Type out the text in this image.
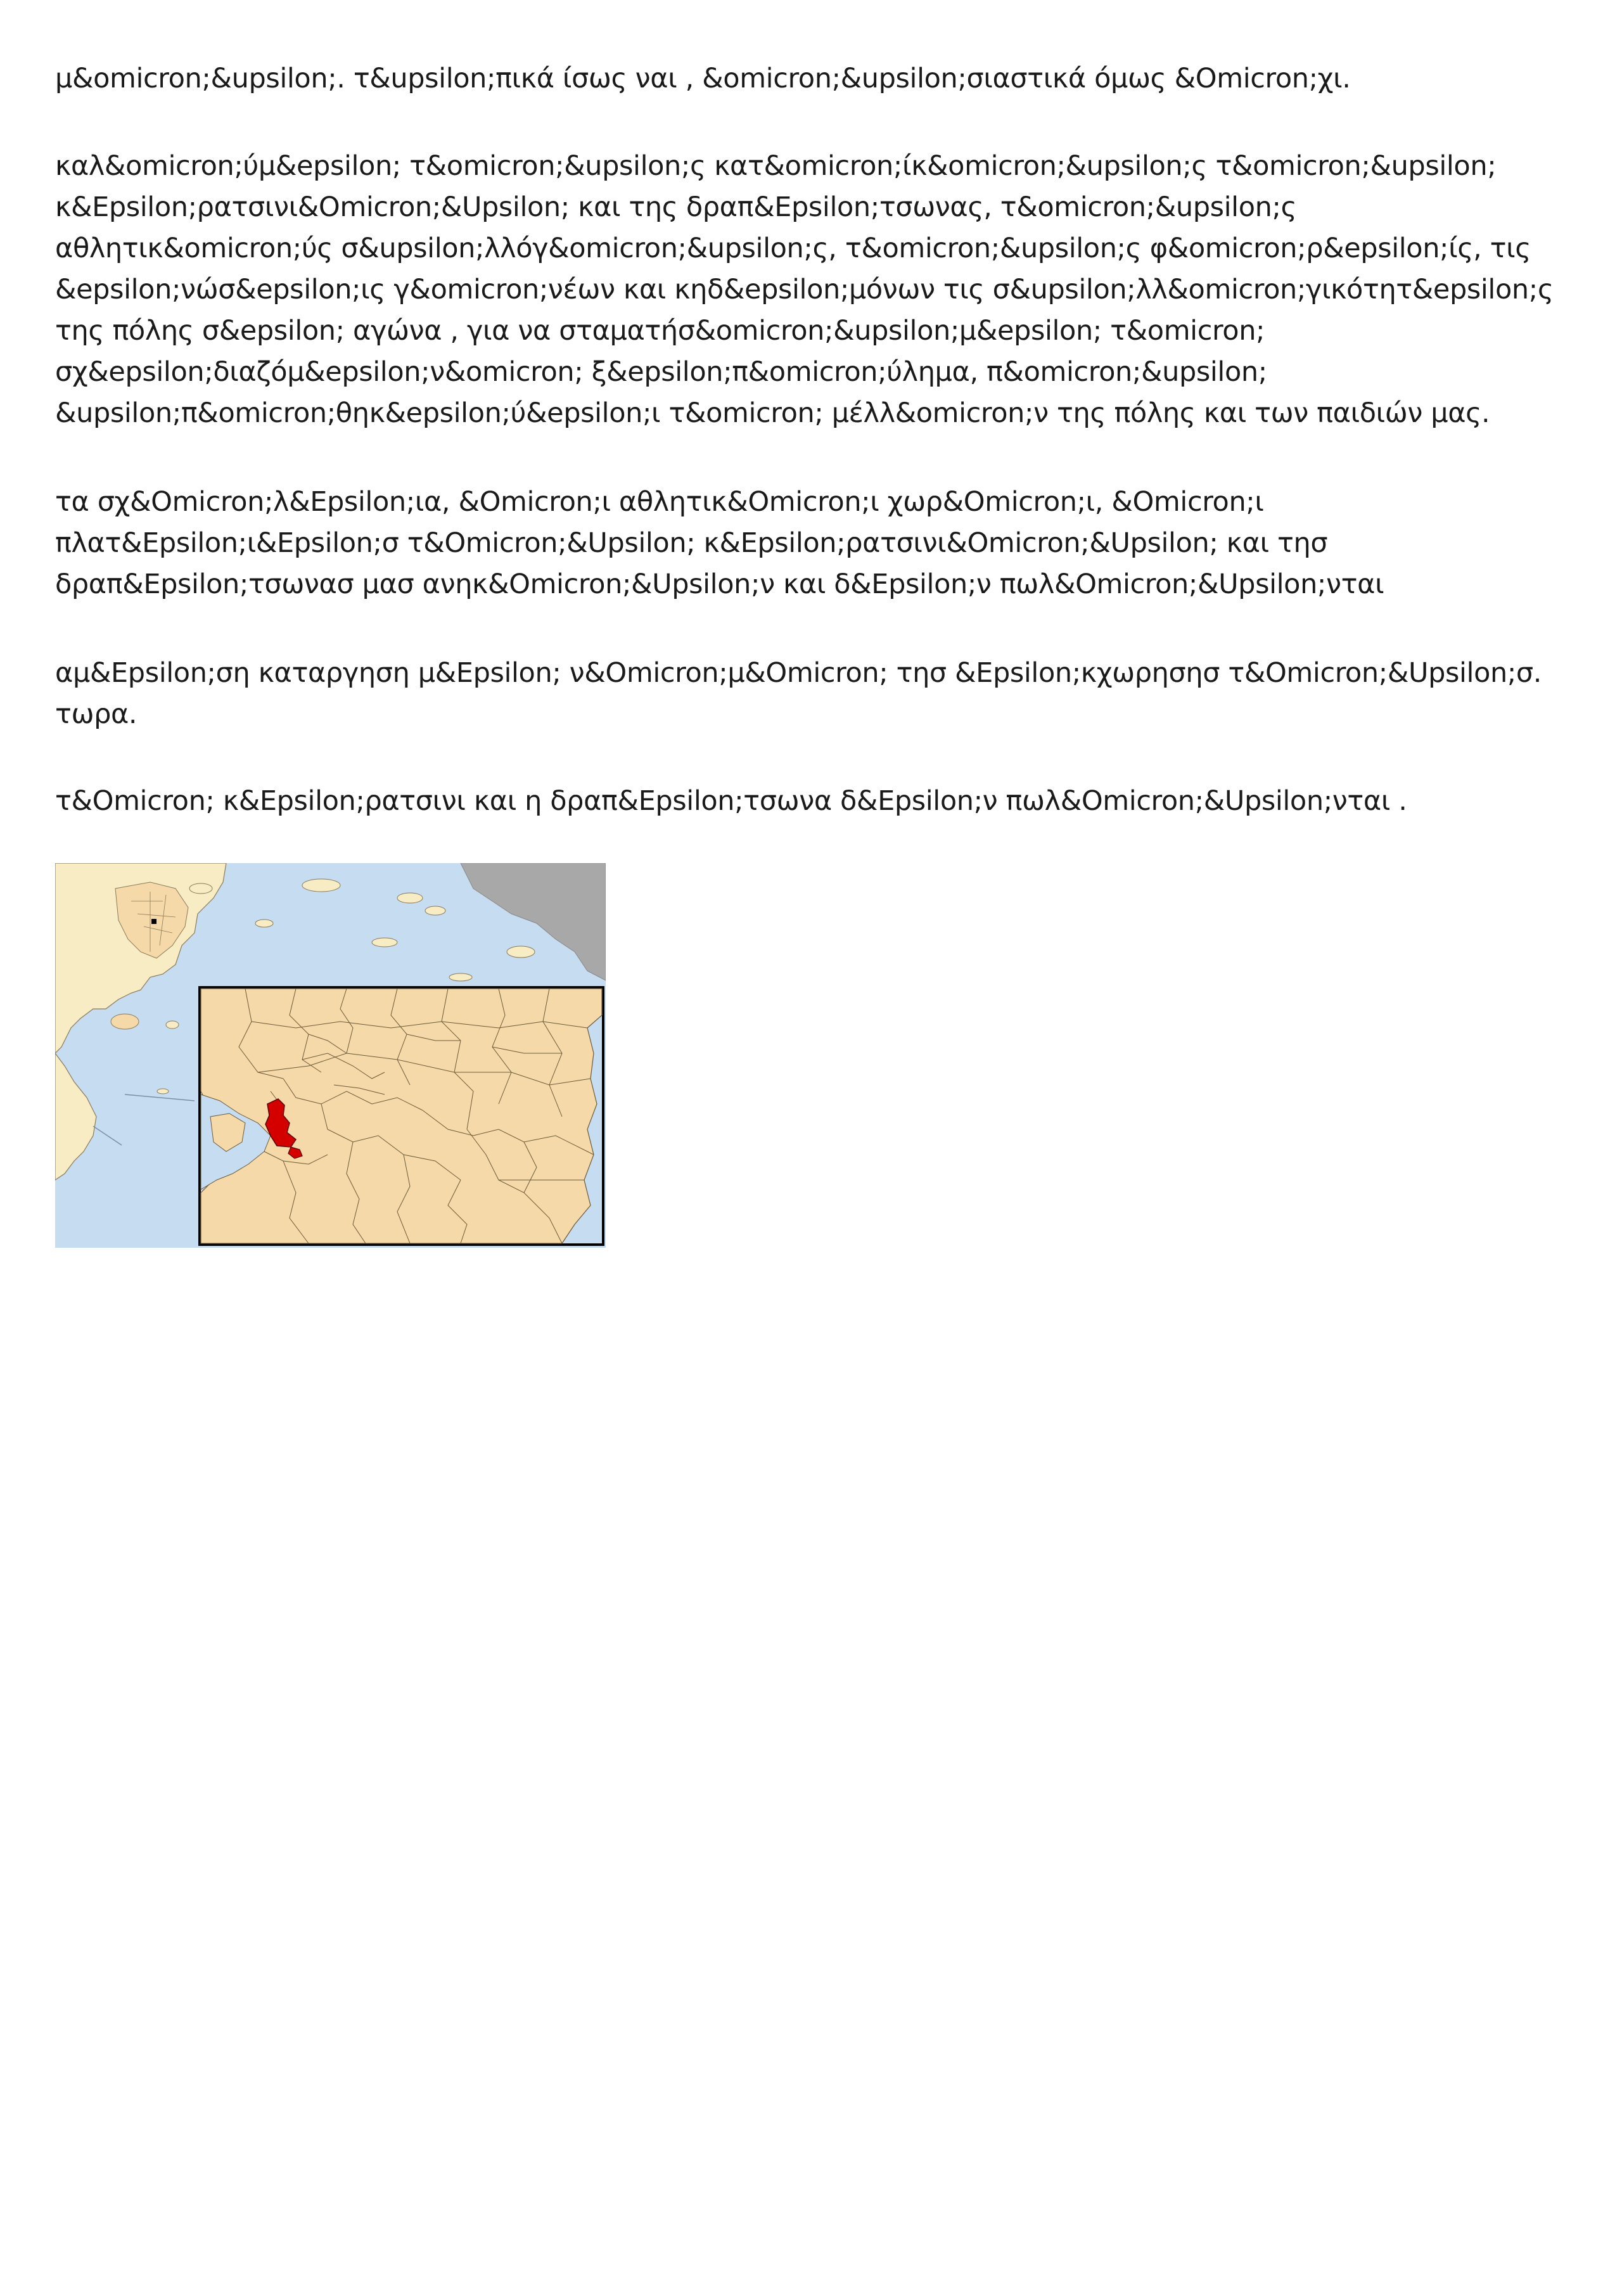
μ&omicron;&upsilon;. τ&upsilon;πικά ίσως ναι , &omicron;&upsilon;σιαστικά όμως &Omicron;χι.

καλ&omicron;ύμ&epsilon; τ&omicron;&upsilon;ς κατ&omicron;ίκ&omicron;&upsilon;ς τ&omicron;&upsilon;
κ&Epsilon;ρατσινι&Omicron;&Upsilon; και της δραπ&Epsilon;τσωνας, τ&omicron;&upsilon;ς
αθλητικ&omicron;ύς σ&upsilon;λλόγ&omicron;&upsilon;ς, τ&omicron;&upsilon;ς φ&omicron;ρ&epsilon;ίς, τις
&epsilon;νώσ&epsilon;ις γ&omicron;νέων και κηδ&epsilon;μόνων τις σ&upsilon;λλ&omicron;γικότητ&epsilon;ς
της πόλης σ&epsilon; αγώνα , για να σταματήσ&omicron;&upsilon;μ&epsilon; τ&omicron;
σχ&epsilon;διαζόμ&epsilon;ν&omicron; ξ&epsilon;π&omicron;ύλημα, π&omicron;&upsilon;
&upsilon;π&omicron;θηκ&epsilon;ύ&epsilon;ι τ&omicron; μέλλ&omicron;ν της πόλης και των παιδιών μας.

τα σχ&Omicron;λ&Epsilon;ια, &Omicron;ι αθλητικ&Omicron;ι χωρ&Omicron;ι, &Omicron;ι
πλατ&Epsilon;ι&Epsilon;σ τ&Omicron;&Upsilon; κ&Epsilon;ρατσινι&Omicron;&Upsilon; και τησ
δραπ&Epsilon;τσωνασ μασ ανηκ&Omicron;&Upsilon;ν και δ&Epsilon;ν πωλ&Omicron;&Upsilon;νται

αμ&Epsilon;ση καταργηση μ&Epsilon; ν&Omicron;μ&Omicron; τησ &Epsilon;κχωρησησ τ&Omicron;&Upsilon;σ.
τωρα.

τ&Omicron; κ&Epsilon;ρατσινι και η δραπ&Epsilon;τσωνα δ&Epsilon;ν πωλ&Omicron;&Upsilon;νται .
